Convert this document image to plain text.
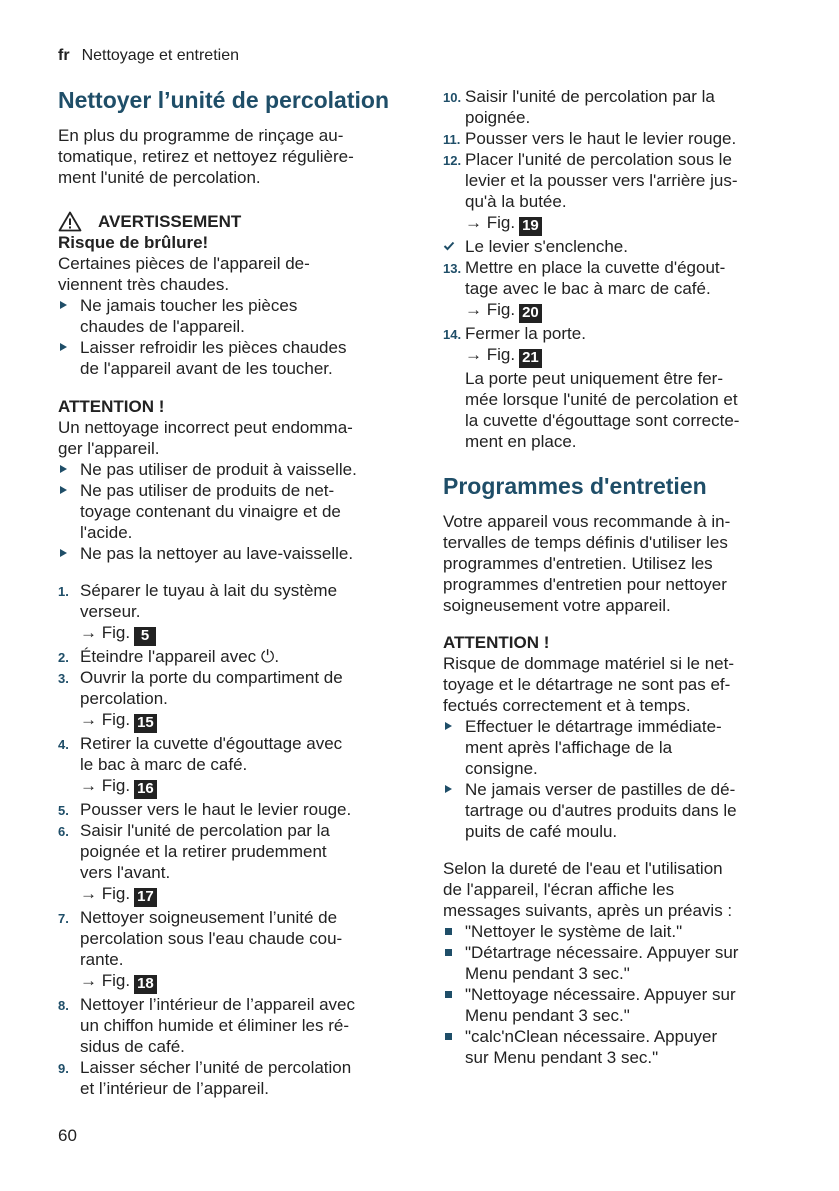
fr Nettoyage et entretien
Nettoyer l’unité de percolation

En plus du programme de rinçage au-

tomatique, retirez et nettoyez régulière-

ment l'unité de percolation.

AVERTISSEMENT

Risque de brûlure!

Certaines pièces de l'appareil de-

viennent très chaudes.

Ne jamais toucher les pièces

chaudes de l'appareil.

Laisser refroidir les pièces chaudes

de l'appareil avant de les toucher.

ATTENTION !

Un nettoyage incorrect peut endomma-

ger l'appareil.

Ne pas utiliser de produit à vaisselle.

Ne pas utiliser de produits de net-

toyage contenant du vinaigre et de

l'acide.

Ne pas la nettoyer au lave-vaisselle.

1. Séparer le tuyau à lait du système

verseur.

→ Fig. 5

2. Éteindre l'appareil avec ⏻.

3. Ouvrir la porte du compartiment de

percolation.

→ Fig. 15

4. Retirer la cuvette d'égouttage avec

le bac à marc de café.

→ Fig. 16

5. Pousser vers le haut le levier rouge.

6. Saisir l'unité de percolation par la

poignée et la retirer prudemment

vers l'avant.

→ Fig. 17

7. Nettoyer soigneusement l’unité de

percolation sous l'eau chaude cou-

rante.

→ Fig. 18

8. Nettoyer l’intérieur de l’appareil avec

un chiffon humide et éliminer les ré-

sidus de café.

9. Laisser sécher l’unité de percolation

et l’intérieur de l’appareil.

10. Saisir l'unité de percolation par la

poignée.

11. Pousser vers le haut le levier rouge.

12. Placer l'unité de percolation sous le

levier et la pousser vers l'arrière jus-

qu'à la butée.

→ Fig. 19

Le levier s'enclenche.

13. Mettre en place la cuvette d'égout-

tage avec le bac à marc de café.

→ Fig. 20

14. Fermer la porte.

→ Fig. 21

La porte peut uniquement être fer-

mée lorsque l'unité de percolation et

la cuvette d'égouttage sont correcte-

ment en place.

Programmes d'entretien

Votre appareil vous recommande à in-

tervalles de temps définis d'utiliser les

programmes d'entretien. Utilisez les

programmes d'entretien pour nettoyer

soigneusement votre appareil.

ATTENTION !

Risque de dommage matériel si le net-

toyage et le détartrage ne sont pas ef-

fectués correctement et à temps.

Effectuer le détartrage immédiate-

ment après l'affichage de la

consigne.

Ne jamais verser de pastilles de dé-

tartrage ou d'autres produits dans le

puits de café moulu.

Selon la dureté de l'eau et l'utilisation

de l'appareil, l'écran affiche les

messages suivants, après un préavis :

"Nettoyer le système de lait."

"Détartrage nécessaire. Appuyer sur

Menu pendant 3 sec."

"Nettoyage nécessaire. Appuyer sur

Menu pendant 3 sec."

"calc'nClean nécessaire. Appuyer

sur Menu pendant 3 sec."

60
